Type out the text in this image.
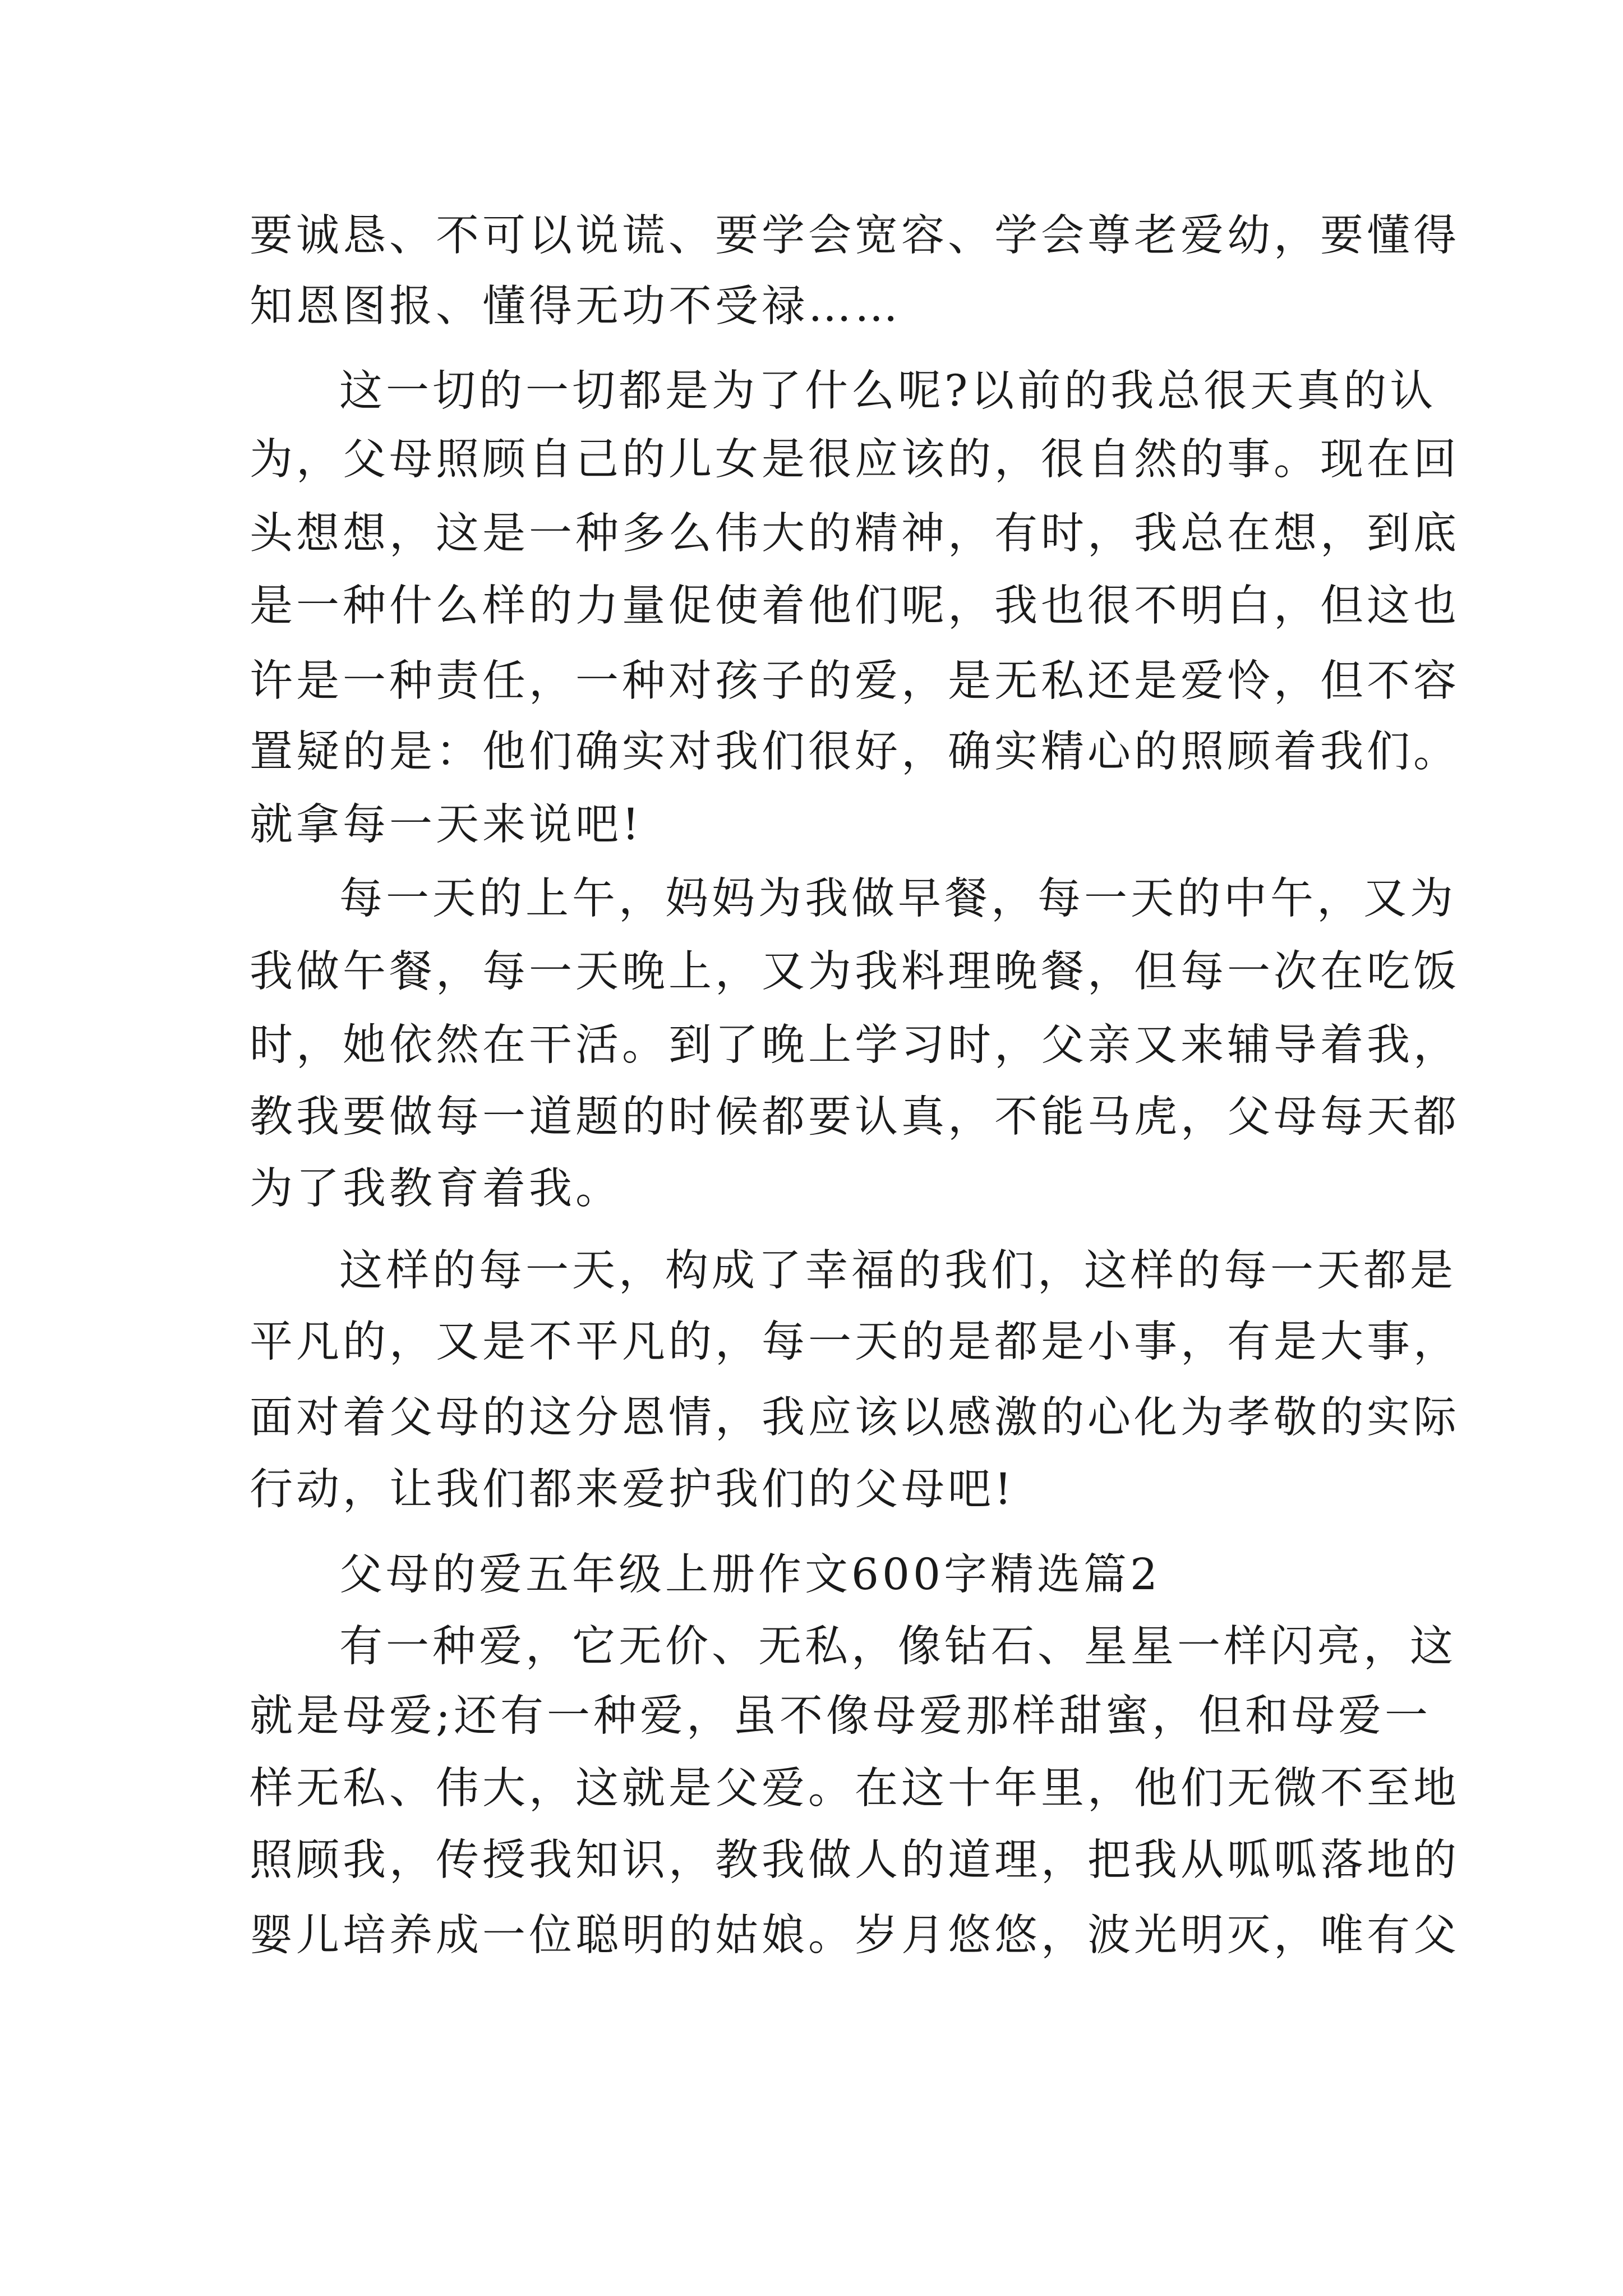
要诚恳、不可以说谎、要学会宽容、学会尊老爱幼，要懂得
知恩图报、懂得无功不受禄……
这一切的一切都是为了什么呢?以前的我总很天真的认
为，父母照顾自己的儿女是很应该的，很自然的事。现在回
头想想，这是一种多么伟大的精神，有时，我总在想，到底
是一种什么样的力量促使着他们呢，我也很不明白，但这也
许是一种责任，一种对孩子的爱，是无私还是爱怜，但不容
置疑的是：他们确实对我们很好，确实精心的照顾着我们。
就拿每一天来说吧!
每一天的上午，妈妈为我做早餐，每一天的中午，又为
我做午餐，每一天晚上，又为我料理晚餐，但每一次在吃饭
时，她依然在干活。到了晚上学习时，父亲又来辅导着我，
教我要做每一道题的时候都要认真，不能马虎，父母每天都
为了我教育着我。
这样的每一天，构成了幸福的我们，这样的每一天都是
平凡的，又是不平凡的，每一天的是都是小事，有是大事，
面对着父母的这分恩情，我应该以感激的心化为孝敬的实际
行动，让我们都来爱护我们的父母吧!
父母的爱五年级上册作文600字精选篇2
有一种爱，它无价、无私，像钻石、星星一样闪亮，这
就是母爱;还有一种爱，虽不像母爱那样甜蜜，但和母爱一
样无私、伟大，这就是父爱。在这十年里，他们无微不至地
照顾我，传授我知识，教我做人的道理，把我从呱呱落地的
婴儿培养成一位聪明的姑娘。岁月悠悠，波光明灭，唯有父
